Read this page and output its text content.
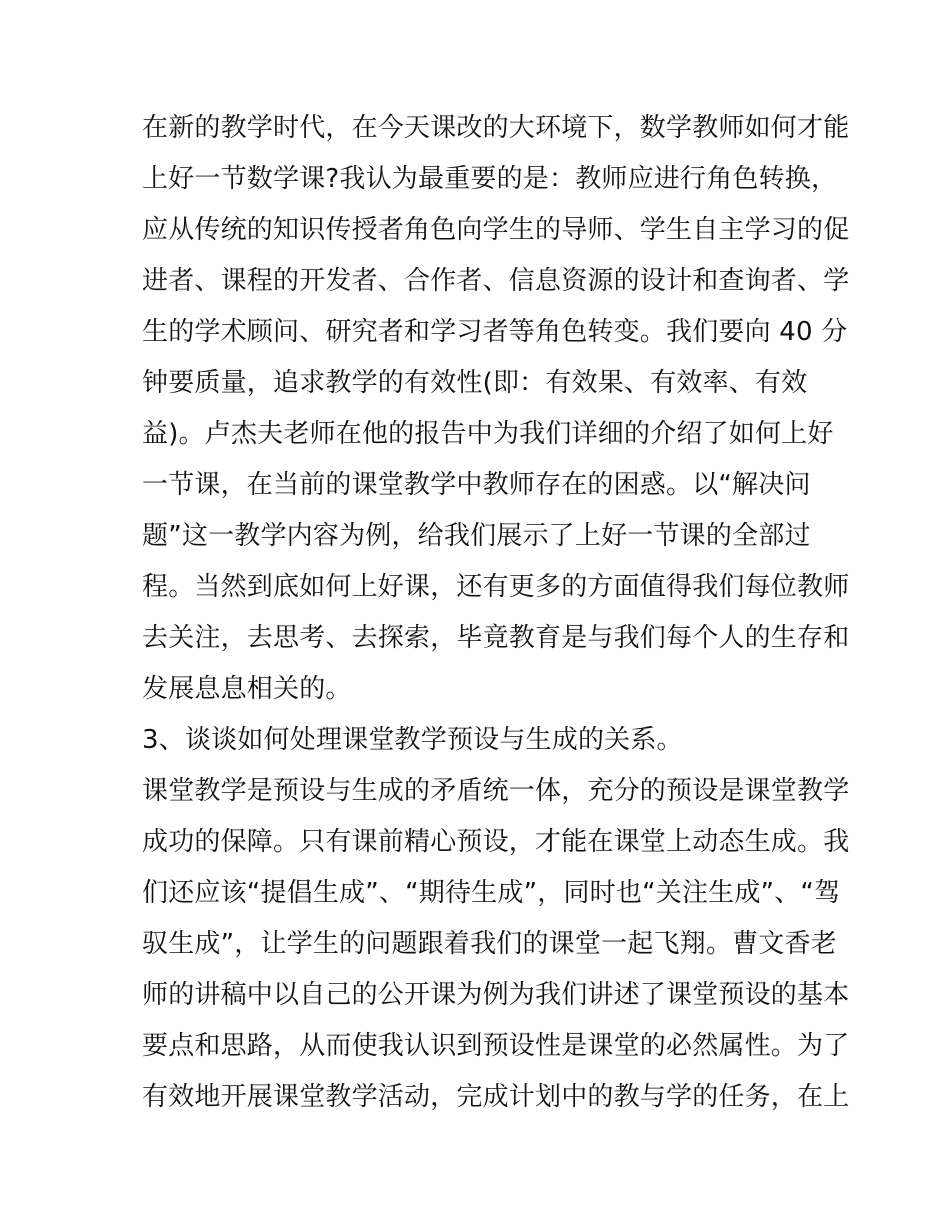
在新的教学时代，在今天课改的大环境下，数学教师如何才能
上好一节数学课?我认为最重要的是：教师应进行角色转换，
应从传统的知识传授者角色向学生的导师、学生自主学习的促
进者、课程的开发者、合作者、信息资源的设计和查询者、学
生的学术顾问、研究者和学习者等角色转变。我们要向 40 分
钟要质量，追求教学的有效性(即：有效果、有效率、有效
益)。卢杰夫老师在他的报告中为我们详细的介绍了如何上好
一节课，在当前的课堂教学中教师存在的困惑。以“解决问
题”这一教学内容为例，给我们展示了上好一节课的全部过
程。当然到底如何上好课，还有更多的方面值得我们每位教师
去关注，去思考、去探索，毕竟教育是与我们每个人的生存和
发展息息相关的。
3、谈谈如何处理课堂教学预设与生成的关系。
课堂教学是预设与生成的矛盾统一体，充分的预设是课堂教学
成功的保障。只有课前精心预设，才能在课堂上动态生成。我
们还应该“提倡生成”、“期待生成”，同时也“关注生成”、“驾
驭生成”，让学生的问题跟着我们的课堂一起飞翔。曹文香老
师的讲稿中以自己的公开课为例为我们讲述了课堂预设的基本
要点和思路，从而使我认识到预设性是课堂的必然属性。为了
有效地开展课堂教学活动，完成计划中的教与学的任务，在上
